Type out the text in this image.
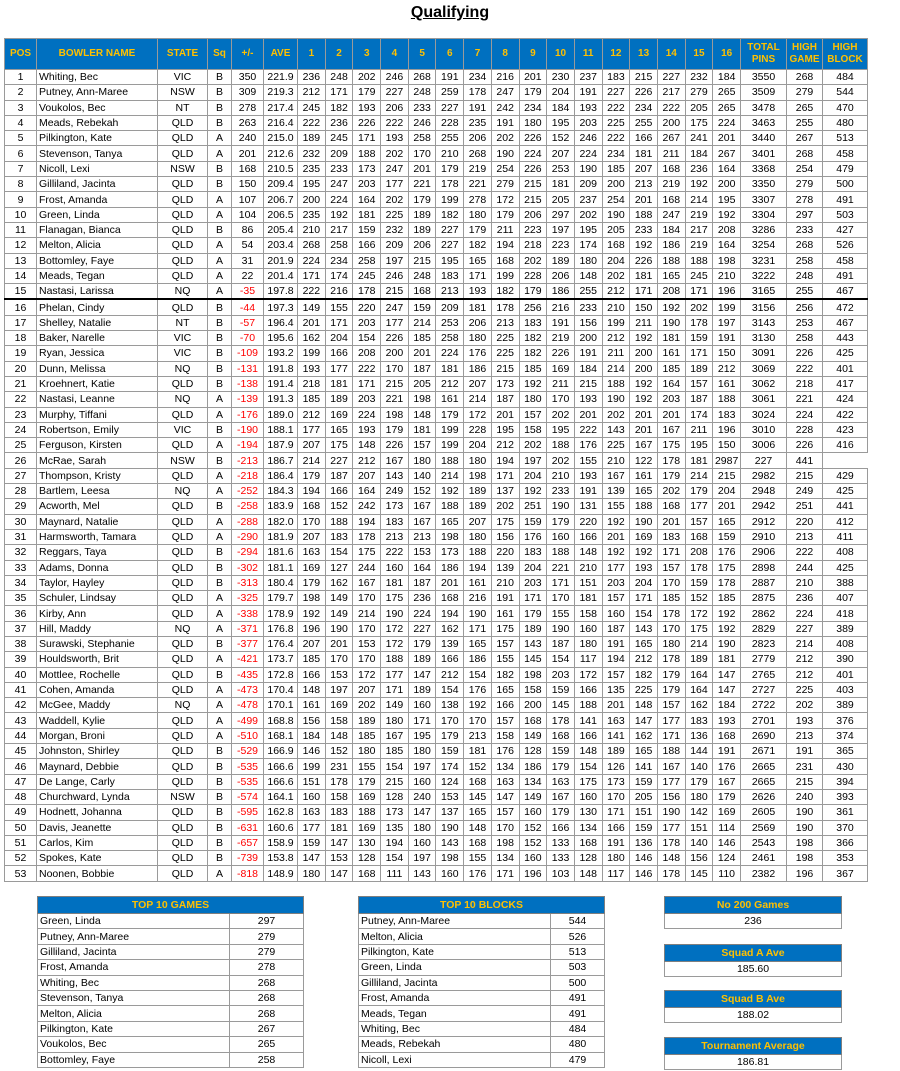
Qualifying
POS	BOWLER NAME	STATE	Sq	+/-	AVE	1	2	3	4	5	6	7	8	9	10	11	12	13	14	15	16	TOTAL PINS	HIGH GAME	HIGH BLOCK
1	Whiting, Bec	VIC	B	350	221.9	236	248	202	246	268	191	234	216	201	230	237	183	215	227	232	184	3550	268	484
2	Putney, Ann-Maree	NSW	B	309	219.3	212	171	179	227	248	259	178	247	179	204	191	227	226	217	279	265	3509	279	544
3	Voukolos, Bec	NT	B	278	217.4	245	182	193	206	233	227	191	242	234	184	193	222	234	222	205	265	3478	265	470
4	Meads, Rebekah	QLD	B	263	216.4	222	236	226	222	246	228	235	191	180	195	203	225	255	200	175	224	3463	255	480
5	Pilkington, Kate	QLD	A	240	215.0	189	245	171	193	258	255	206	202	226	152	246	222	166	267	241	201	3440	267	513
6	Stevenson, Tanya	QLD	A	201	212.6	232	209	188	202	170	210	268	190	224	207	224	234	181	211	184	267	3401	268	458
7	Nicoll, Lexi	NSW	B	168	210.5	235	233	173	247	201	179	219	254	226	253	190	185	207	168	236	164	3368	254	479
8	Gilliland, Jacinta	QLD	B	150	209.4	195	247	203	177	221	178	221	279	215	181	209	200	213	219	192	200	3350	279	500
9	Frost, Amanda	QLD	A	107	206.7	200	224	164	202	179	199	278	172	215	205	237	254	201	168	214	195	3307	278	491
10	Green, Linda	QLD	A	104	206.5	235	192	181	225	189	182	180	179	206	297	202	190	188	247	219	192	3304	297	503
11	Flanagan, Bianca	QLD	B	86	205.4	210	217	159	232	189	227	179	211	223	197	195	205	233	184	217	208	3286	233	427
12	Melton, Alicia	QLD	A	54	203.4	268	258	166	209	206	227	182	194	218	223	174	168	192	186	219	164	3254	268	526
13	Bottomley, Faye	QLD	A	31	201.9	224	234	258	197	215	195	165	168	202	189	180	204	226	188	188	198	3231	258	458
14	Meads, Tegan	QLD	A	22	201.4	171	174	245	246	248	183	171	199	228	206	148	202	181	165	245	210	3222	248	491
15	Nastasi, Larissa	NQ	A	-35	197.8	222	216	178	215	168	213	193	182	179	186	255	212	171	208	171	196	3165	255	467
16	Phelan, Cindy	QLD	B	-44	197.3	149	155	220	247	159	209	181	178	256	216	233	210	150	192	202	199	3156	256	472
17	Shelley, Natalie	NT	B	-57	196.4	201	171	203	177	214	253	206	213	183	191	156	199	211	190	178	197	3143	253	467
18	Baker, Narelle	VIC	B	-70	195.6	162	204	154	226	185	258	180	225	182	219	200	212	192	181	159	191	3130	258	443
19	Ryan, Jessica	VIC	B	-109	193.2	199	166	208	200	201	224	176	225	182	226	191	211	200	161	171	150	3091	226	425
20	Dunn, Melissa	NQ	B	-131	191.8	193	177	222	170	187	181	186	215	185	169	184	214	200	185	189	212	3069	222	401
21	Kroehnert, Katie	QLD	B	-138	191.4	218	181	171	215	205	212	207	173	192	211	215	188	192	164	157	161	3062	218	417
22	Nastasi, Leanne	NQ	A	-139	191.3	185	189	203	221	198	161	214	187	180	170	193	190	192	203	187	188	3061	221	424
23	Murphy, Tiffani	QLD	A	-176	189.0	212	169	224	198	148	179	172	201	157	202	201	202	201	201	174	183	3024	224	422
24	Robertson, Emily	VIC	B	-190	188.1	177	165	193	179	181	199	228	195	158	195	222	143	201	167	211	196	3010	228	423
25	Ferguson, Kirsten	QLD	A	-194	187.9	207	175	148	226	157	199	204	212	202	188	176	225	167	175	195	150	3006	226	416
26	McRae, Sarah	NSW	B	-213	186.7	214	227	212	167	180	188	180	194	197	202	155	210	122	178	181	2987	227	441	
27	Thompson, Kristy	QLD	A	-218	186.4	179	187	207	143	140	214	198	171	204	210	193	167	161	179	214	215	2982	215	429
28	Bartlem, Leesa	NQ	A	-252	184.3	194	166	164	249	152	192	189	137	192	233	191	139	165	202	179	204	2948	249	425
29	Acworth, Mel	QLD	B	-258	183.9	168	152	242	173	167	188	189	202	251	190	131	155	188	168	177	201	2942	251	441
30	Maynard, Natalie	QLD	A	-288	182.0	170	188	194	183	167	165	207	175	159	179	220	192	190	201	157	165	2912	220	412
31	Harmsworth, Tamara	QLD	A	-290	181.9	207	183	178	213	213	198	180	156	176	160	166	201	169	183	168	159	2910	213	411
32	Reggars, Taya	QLD	B	-294	181.6	163	154	175	222	153	173	188	220	183	188	148	192	192	171	208	176	2906	222	408
33	Adams, Donna	QLD	B	-302	181.1	169	127	244	160	164	186	194	139	204	221	210	177	193	157	178	175	2898	244	425
34	Taylor, Hayley	QLD	B	-313	180.4	179	162	167	181	187	201	161	210	203	171	151	203	204	170	159	178	2887	210	388
35	Schuler, Lindsay	QLD	A	-325	179.7	198	149	170	175	236	168	216	191	171	170	181	157	171	185	152	185	2875	236	407
36	Kirby, Ann	QLD	A	-338	178.9	192	149	214	190	224	194	190	161	179	155	158	160	154	178	172	192	2862	224	418
37	Hill, Maddy	NQ	A	-371	176.8	196	190	170	172	227	162	171	175	189	190	160	187	143	170	175	192	2829	227	389
38	Surawski, Stephanie	QLD	B	-377	176.4	207	201	153	172	179	139	165	157	143	187	180	191	165	180	214	190	2823	214	408
39	Houldsworth, Brit	QLD	A	-421	173.7	185	170	170	188	189	166	186	155	145	154	117	194	212	178	189	181	2779	212	390
40	Mottlee, Rochelle	QLD	B	-435	172.8	166	153	172	177	147	212	154	182	198	203	172	157	182	179	164	147	2765	212	401
41	Cohen, Amanda	QLD	A	-473	170.4	148	197	207	171	189	154	176	165	158	159	166	135	225	179	164	147	2727	225	403
42	McGee, Maddy	NQ	A	-478	170.1	161	169	202	149	160	138	192	166	200	145	188	201	148	157	162	184	2722	202	389
43	Waddell, Kylie	QLD	A	-499	168.8	156	158	189	180	171	170	170	157	168	178	141	163	147	177	183	193	2701	193	376
44	Morgan, Broni	QLD	A	-510	168.1	184	148	185	167	195	179	213	158	149	168	166	141	162	171	136	168	2690	213	374
45	Johnston, Shirley	QLD	B	-529	166.9	146	152	180	185	180	159	181	176	128	159	148	189	165	188	144	191	2671	191	365
46	Maynard, Debbie	QLD	B	-535	166.6	199	231	155	154	197	174	152	134	186	179	154	126	141	167	140	176	2665	231	430
47	De Lange, Carly	QLD	B	-535	166.6	151	178	179	215	160	124	168	163	134	163	175	173	159	177	179	167	2665	215	394
48	Churchward, Lynda	NSW	B	-574	164.1	160	158	169	128	240	153	145	147	149	167	160	170	205	156	180	179	2626	240	393
49	Hodnett, Johanna	QLD	B	-595	162.8	163	183	188	173	147	137	165	157	160	179	130	171	151	190	142	169	2605	190	361
50	Davis, Jeanette	QLD	B	-631	160.6	177	181	169	135	180	190	148	170	152	166	134	166	159	177	151	114	2569	190	370
51	Carlos, Kim	QLD	B	-657	158.9	159	147	130	194	160	143	168	198	152	133	168	191	136	178	140	146	2543	198	366
52	Spokes, Kate	QLD	B	-739	153.8	147	153	128	154	197	198	155	134	160	133	128	180	146	148	156	124	2461	198	353
53	Noonen, Bobbie	QLD	A	-818	148.9	180	147	168	111	143	160	176	171	196	103	148	117	146	178	145	110	2382	196	367
TOP 10 GAMES	
Green, Linda	297
Putney, Ann-Maree	279
Gilliland, Jacinta	279
Frost, Amanda	278
Whiting, Bec	268
Stevenson, Tanya	268
Melton, Alicia	268
Pilkington, Kate	267
Voukolos, Bec	265
Bottomley, Faye	258
TOP 10 BLOCKS	
Putney, Ann-Maree	544
Melton, Alicia	526
Pilkington, Kate	513
Green, Linda	503
Gilliland, Jacinta	500
Frost, Amanda	491
Meads, Tegan	491
Whiting, Bec	484
Meads, Rebekah	480
Nicoll, Lexi	479
No 200 Games
236
Squad A Ave
185.60
Squad B Ave
188.02
Tournament Average
186.81
